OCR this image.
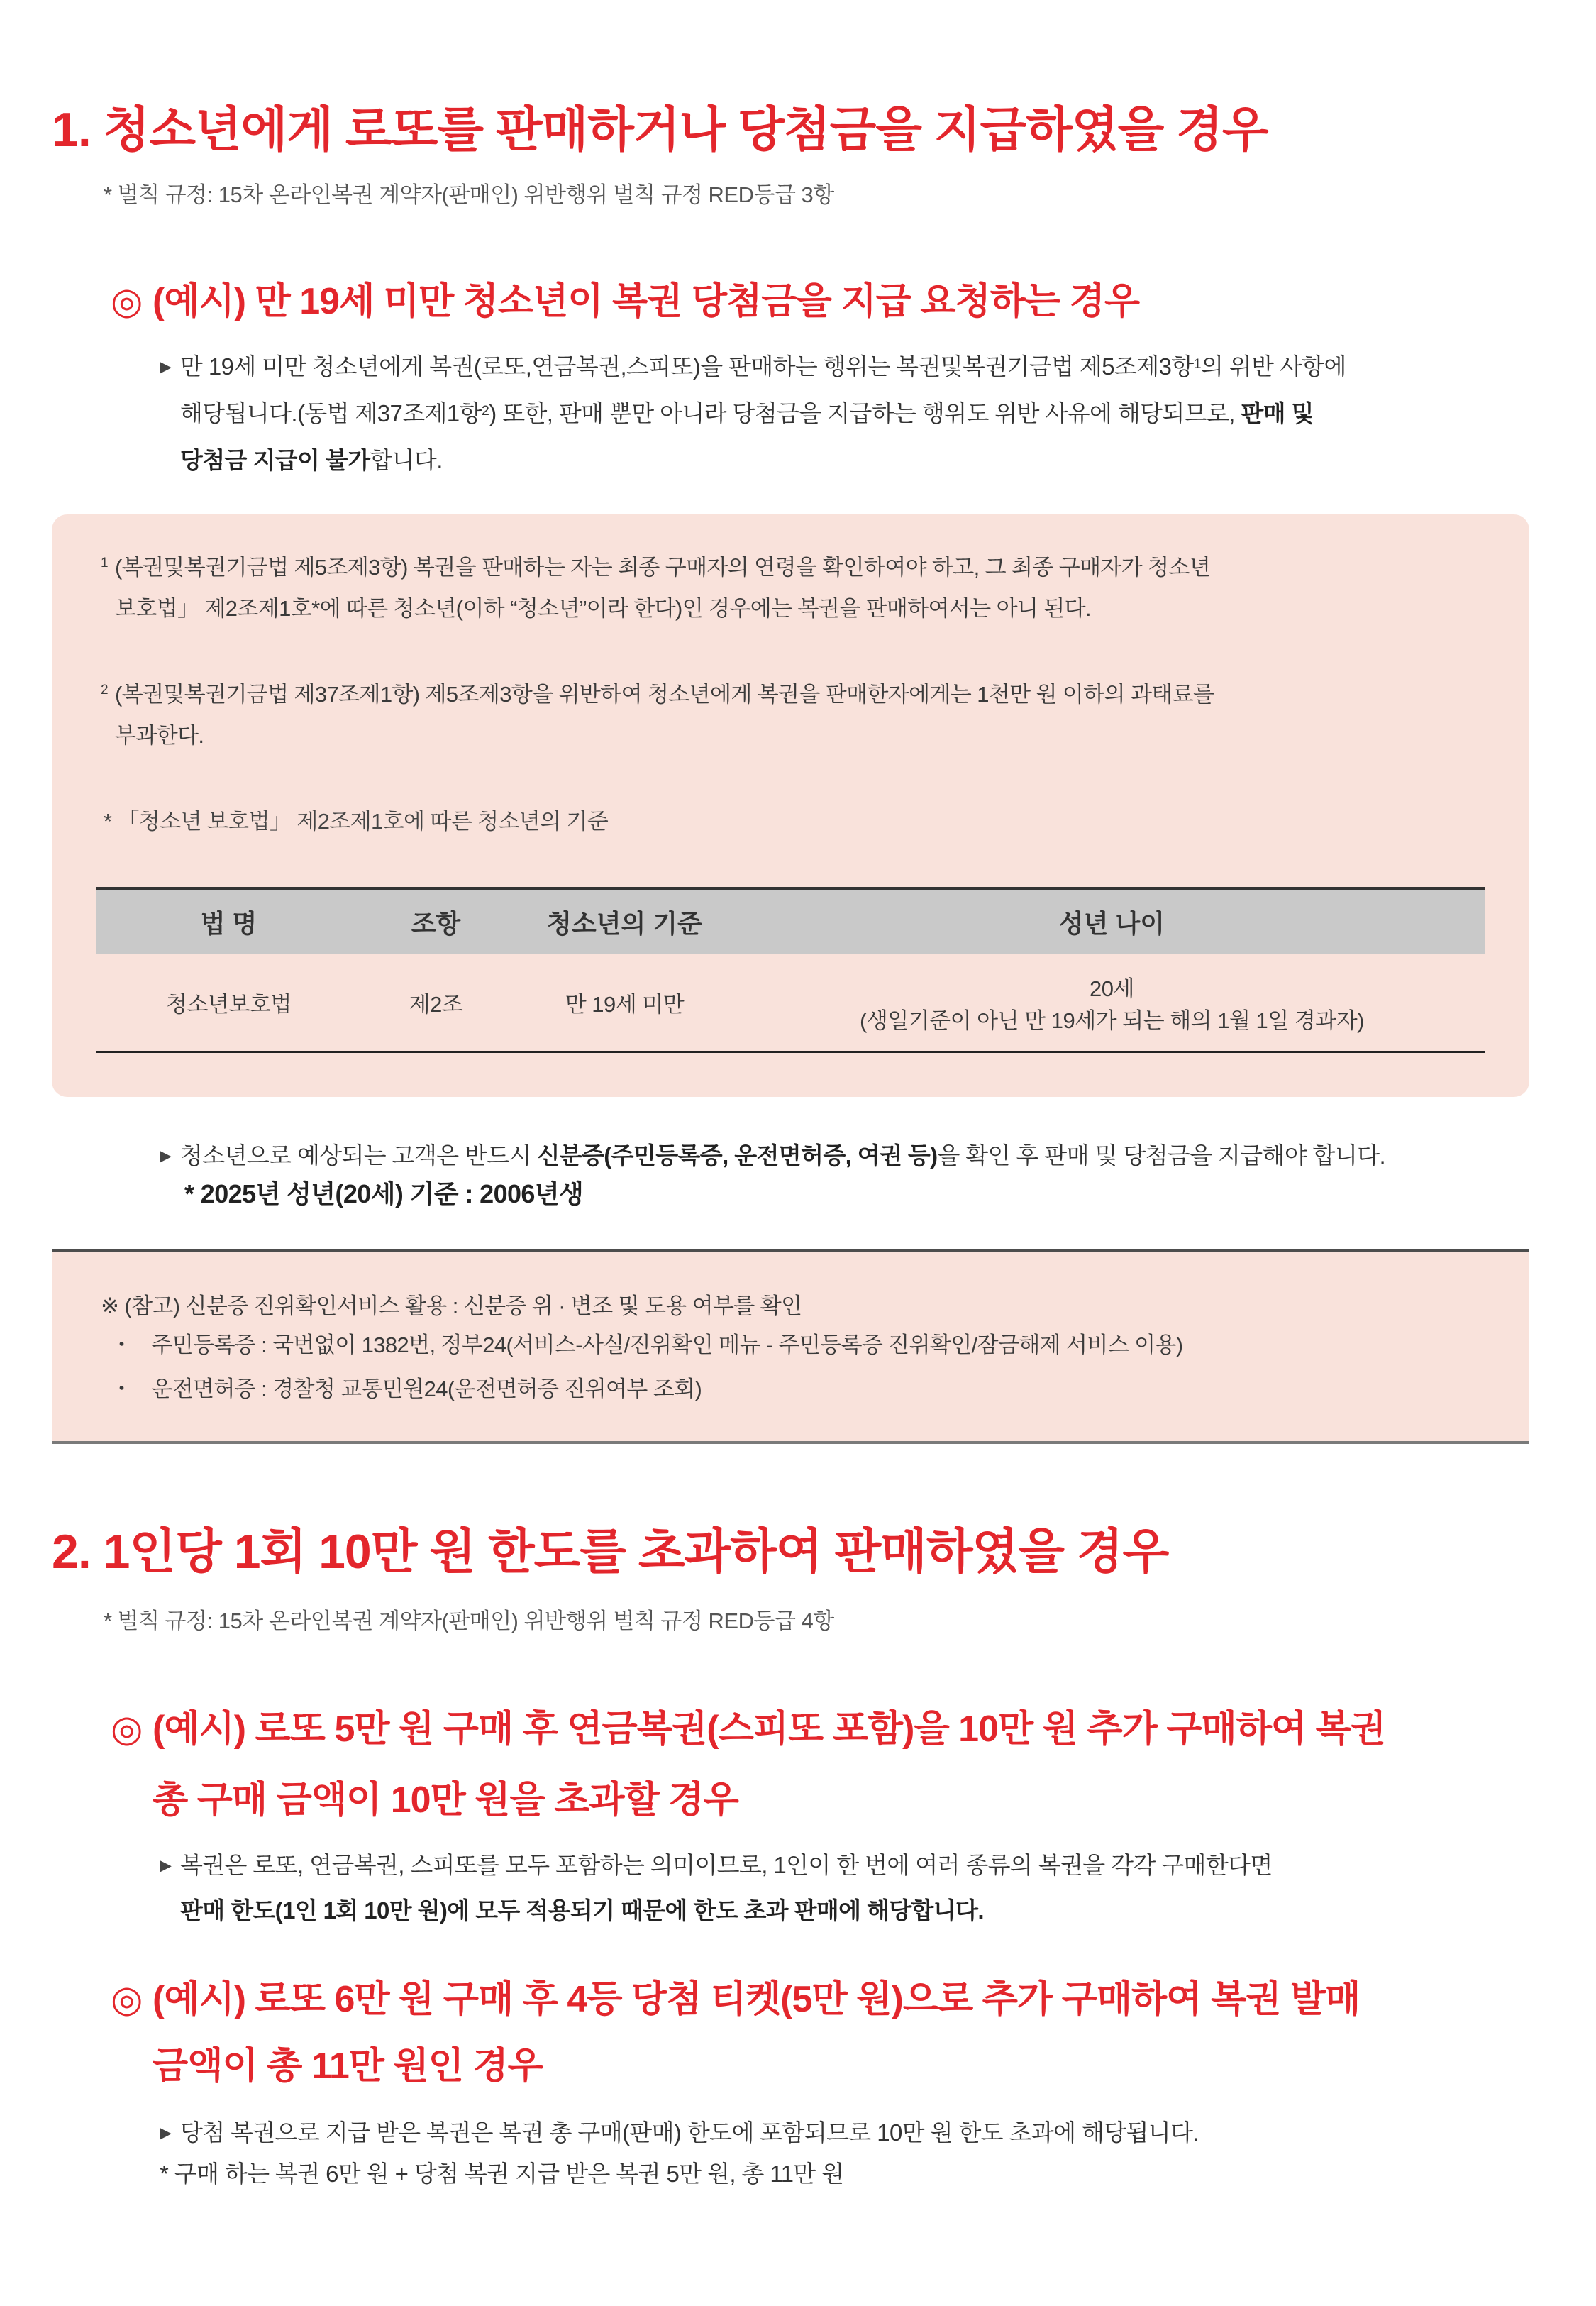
1. 청소년에게 로또를 판매하거나 당첨금을 지급하였을 경우
* 벌칙 규정: 15차 온라인복권 계약자(판매인) 위반행위 벌칙 규정 RED등급 3항
◎ (예시) 만 19세 미만 청소년이 복권 당첨금을 지급 요청하는 경우
▶ 만 19세 미만 청소년에게 복권(로또,연금복권,스피또)을 판매하는 행위는 복권및복권기금법 제5조제3항$^1$의 위반 사항에
해당됩니다.(동법 제37조제1항$^2$) 또한, 판매 뿐만 아니라 당첨금을 지급하는 행위도 위반 사유에 해당되므로, 판매 및
당첨금 지급이 불가합니다.
1 (복권및복권기금법 제5조제3항) 복권을 판매하는 자는 최종 구매자의 연령을 확인하여야 하고, 그 최종 구매자가 청소년
보호법」 제2조제1호*에 따른 청소년(이하 “청소년”이라 한다)인 경우에는 복권을 판매하여서는 아니 된다.
2 (복권및복권기금법 제37조제1항) 제5조제3항을 위반하여 청소년에게 복권을 판매한자에게는 1천만 원 이하의 과태료를
부과한다.
* 「청소년 보호법」 제2조제1호에 따른 청소년의 기준
법 명	조항	청소년의 기준	성년 나이
청소년보호법	제2조	만 19세 미만	20세
(생일기준이 아닌 만 19세가 되는 해의 1월 1일 경과자)
▶ 청소년으로 예상되는 고객은 반드시 신분증(주민등록증, 운전면허증, 여권 등)을 확인 후 판매 및 당첨금을 지급해야 합니다.
* 2025년 성년(20세) 기준 : 2006년생
※ (참고) 신분증 진위확인서비스 활용 : 신분증 위 · 변조 및 도용 여부를 확인
・ 주민등록증 : 국번없이 1382번, 정부24(서비스-사실/진위확인 메뉴 - 주민등록증 진위확인/잠금해제 서비스 이용)
・ 운전면허증 : 경찰청 교통민원24(운전면허증 진위여부 조회)
2. 1인당 1회 10만 원 한도를 초과하여 판매하였을 경우
* 벌칙 규정: 15차 온라인복권 계약자(판매인) 위반행위 벌칙 규정 RED등급 4항
◎ (예시) 로또 5만 원 구매 후 연금복권(스피또 포함)을 10만 원 추가 구매하여 복권
총 구매 금액이 10만 원을 초과할 경우
▶ 복권은 로또, 연금복권, 스피또를 모두 포함하는 의미이므로, 1인이 한 번에 여러 종류의 복권을 각각 구매한다면
판매 한도(1인 1회 10만 원)에 모두 적용되기 때문에 한도 초과 판매에 해당합니다.
◎ (예시) 로또 6만 원 구매 후 4등 당첨 티켓(5만 원)으로 추가 구매하여 복권 발매
금액이 총 11만 원인 경우
▶ 당첨 복권으로 지급 받은 복권은 복권 총 구매(판매) 한도에 포함되므로 10만 원 한도 초과에 해당됩니다.
* 구매 하는 복권 6만 원 + 당첨 복권 지급 받은 복권 5만 원, 총 11만 원
